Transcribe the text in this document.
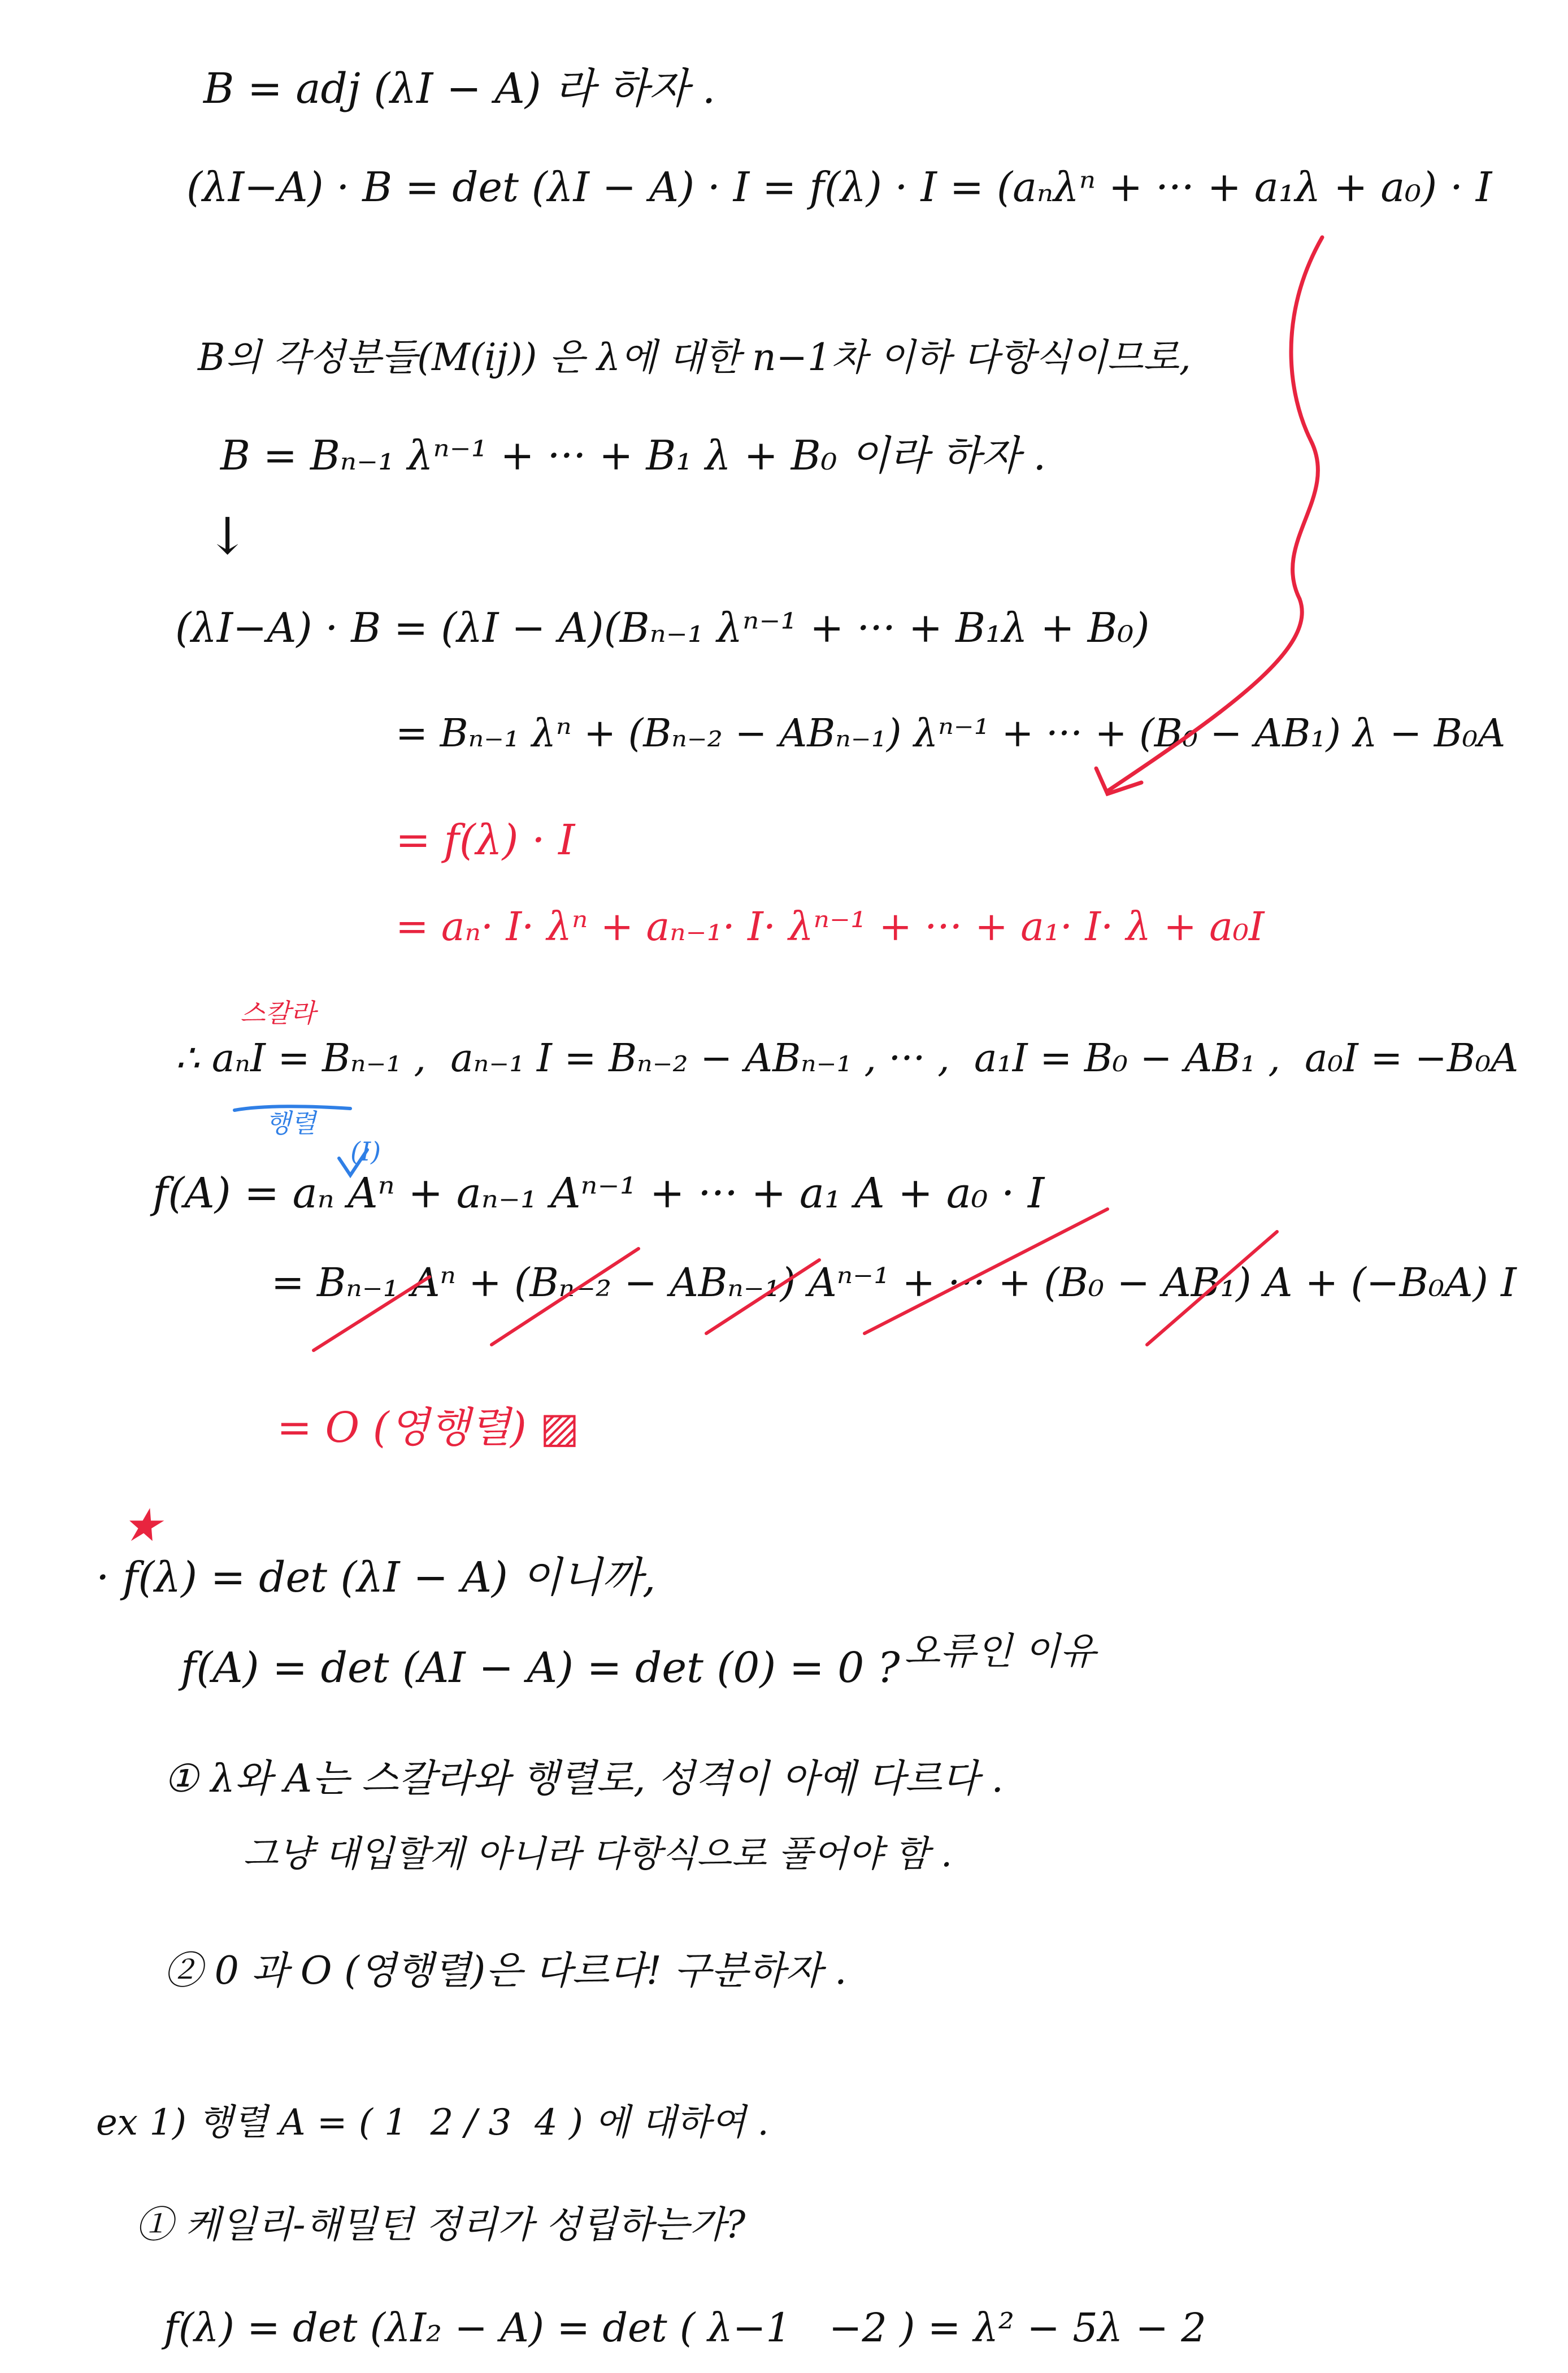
B = adj (λI − A) 라 하자 .
(λI−A) · B = det (λI − A) · I = f(λ) · I = (aₙλⁿ + ··· + a₁λ + a₀) · I
B의 각성분들(M(ij)) 은 λ에 대한 n−1차 이하 다항식이므로,
B = Bₙ₋₁ λⁿ⁻¹ + ··· + B₁ λ + B₀ 이라 하자 .
↓
(λI−A) · B = (λI − A)(Bₙ₋₁ λⁿ⁻¹ + ··· + B₁λ + B₀)
= Bₙ₋₁ λⁿ + (Bₙ₋₂ − ABₙ₋₁) λⁿ⁻¹ + ··· + (B₀ − AB₁) λ − B₀A
= f(λ) · I
= aₙ· I· λⁿ + aₙ₋₁· I· λⁿ⁻¹ + ··· + a₁· I· λ + a₀I
스칼라
∴ aₙI = Bₙ₋₁ ,  aₙ₋₁ I = Bₙ₋₂ − ABₙ₋₁ , ··· ,  a₁I = B₀ − AB₁ ,  a₀I = −B₀A
행렬
(I)
f(A) = aₙ Aⁿ + aₙ₋₁ Aⁿ⁻¹ + ··· + a₁ A + a₀ · I
= Bₙ₋₁ Aⁿ + (Bₙ₋₂ − ABₙ₋₁) Aⁿ⁻¹ + ··· + (B₀ − AB₁) A + (−B₀A) I
= O (영행렬) ▨
★
· f(λ) = det (λI − A) 이니까,
f(A) = det (AI − A) = det (0) = 0 ? 오류인 이유
① λ와 A는 스칼라와 행렬로, 성격이 아예 다르다 .
그냥 대입할게 아니라 다항식으로 풀어야 함 .
② 0 과 O (영행렬)은 다르다! 구분하자 .
ex 1) 행렬 A = ( 1  2 / 3  4 ) 에 대하여 .
① 케일리-해밀턴 정리가 성립하는가?
f(λ) = det (λI₂ − A) = det ( λ−1   −2 ) = λ² − 5λ − 2
